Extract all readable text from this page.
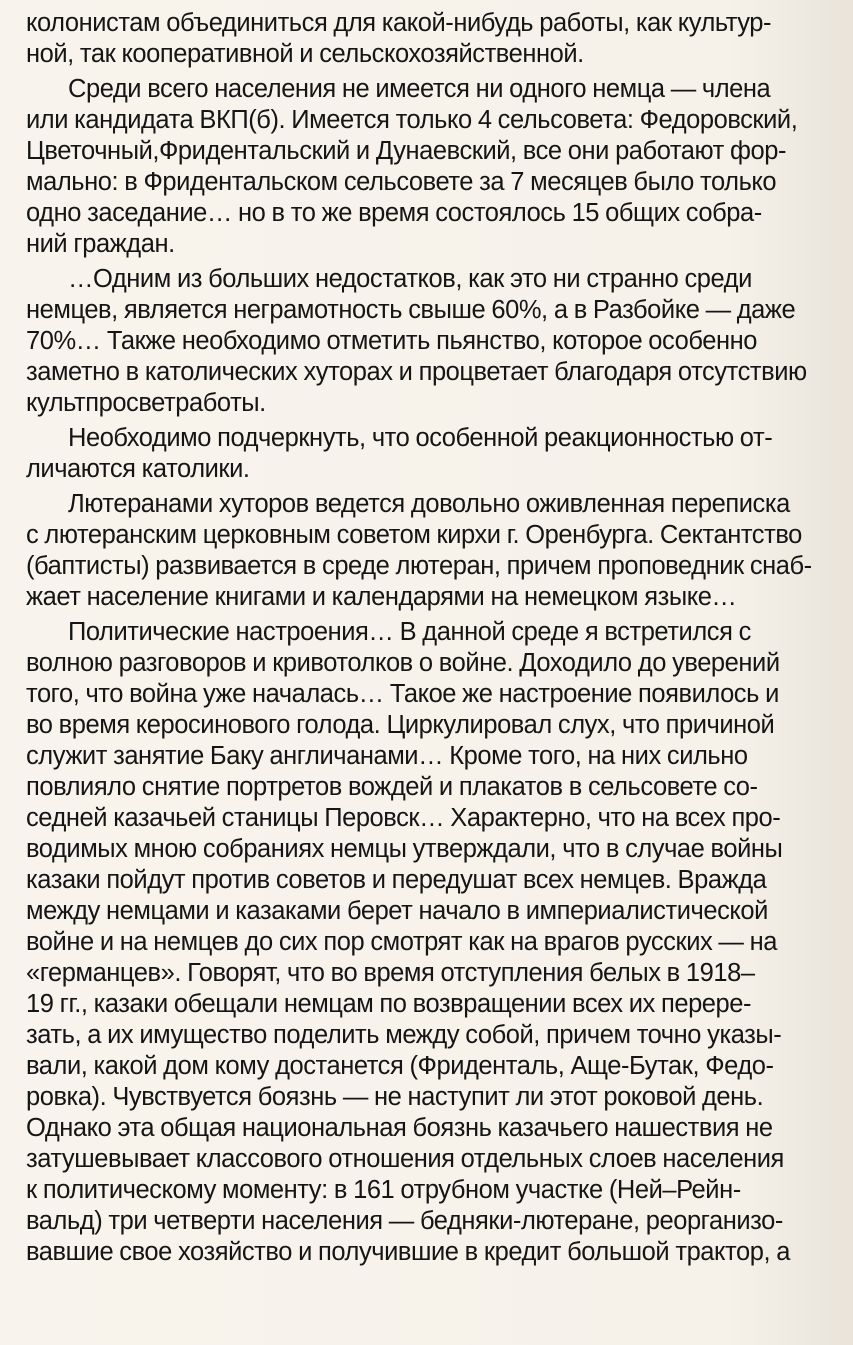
колонистам объединиться для какой-нибудь работы, как культур-
ной, так кооперативной и сельскохозяйственной.
Среди всего населения не имеется ни одного немца — члена
или кандидата ВКП(б). Имеется только 4 сельсовета: Федоровский,
Цветочный,Фридентальский и Дунаевский, все они работают фор-
мально: в Фридентальском сельсовете за 7 месяцев было только
одно заседание… но в то же время состоялось 15 общих собра-
ний граждан.
…Одним из больших недостатков, как это ни странно среди
немцев, является неграмотность свыше 60%, а в Разбойке — даже
70%… Также необходимо отметить пьянство, которое особенно
заметно в католических хуторах и процветает благодаря отсутствию
культпросветработы.
Необходимо подчеркнуть, что особенной реакционностью от-
личаются католики.
Лютеранами хуторов ведется довольно оживленная переписка
с лютеранским церковным советом кирхи г. Оренбурга. Сектантство
(баптисты) развивается в среде лютеран, причем проповедник снаб-
жает население книгами и календарями на немецком языке…
Политические настроения… В данной среде я встретился с
волною разговоров и кривотолков о войне. Доходило до уверений
того, что война уже началась… Такое же настроение появилось и
во время керосинового голода. Циркулировал слух, что причиной
служит занятие Баку англичанами… Кроме того, на них сильно
повлияло снятие портретов вождей и плакатов в сельсовете со-
седней казачьей станицы Перовск… Характерно, что на всех про-
водимых мною собраниях немцы утверждали, что в случае войны
казаки пойдут против советов и передушат всех немцев. Вражда
между немцами и казаками берет начало в империалистической
войне и на немцев до сих пор смотрят как на врагов русских — на
«германцев». Говорят, что во время отступления белых в 1918–
19 гг., казаки обещали немцам по возвращении всех их перере-
зать, а их имущество поделить между собой, причем точно указы-
вали, какой дом кому достанется (Фриденталь, Аще-Бутак, Федо-
ровка). Чувствуется боязнь — не наступит ли этот роковой день.
Однако эта общая национальная боязнь казачьего нашествия не
затушевывает классового отношения отдельных слоев населения
к политическому моменту: в 161 отрубном участке (Ней–Рейн-
вальд) три четверти населения — бедняки-лютеране, реорганизо-
вавшие свое хозяйство и получившие в кредит большой трактор, а
